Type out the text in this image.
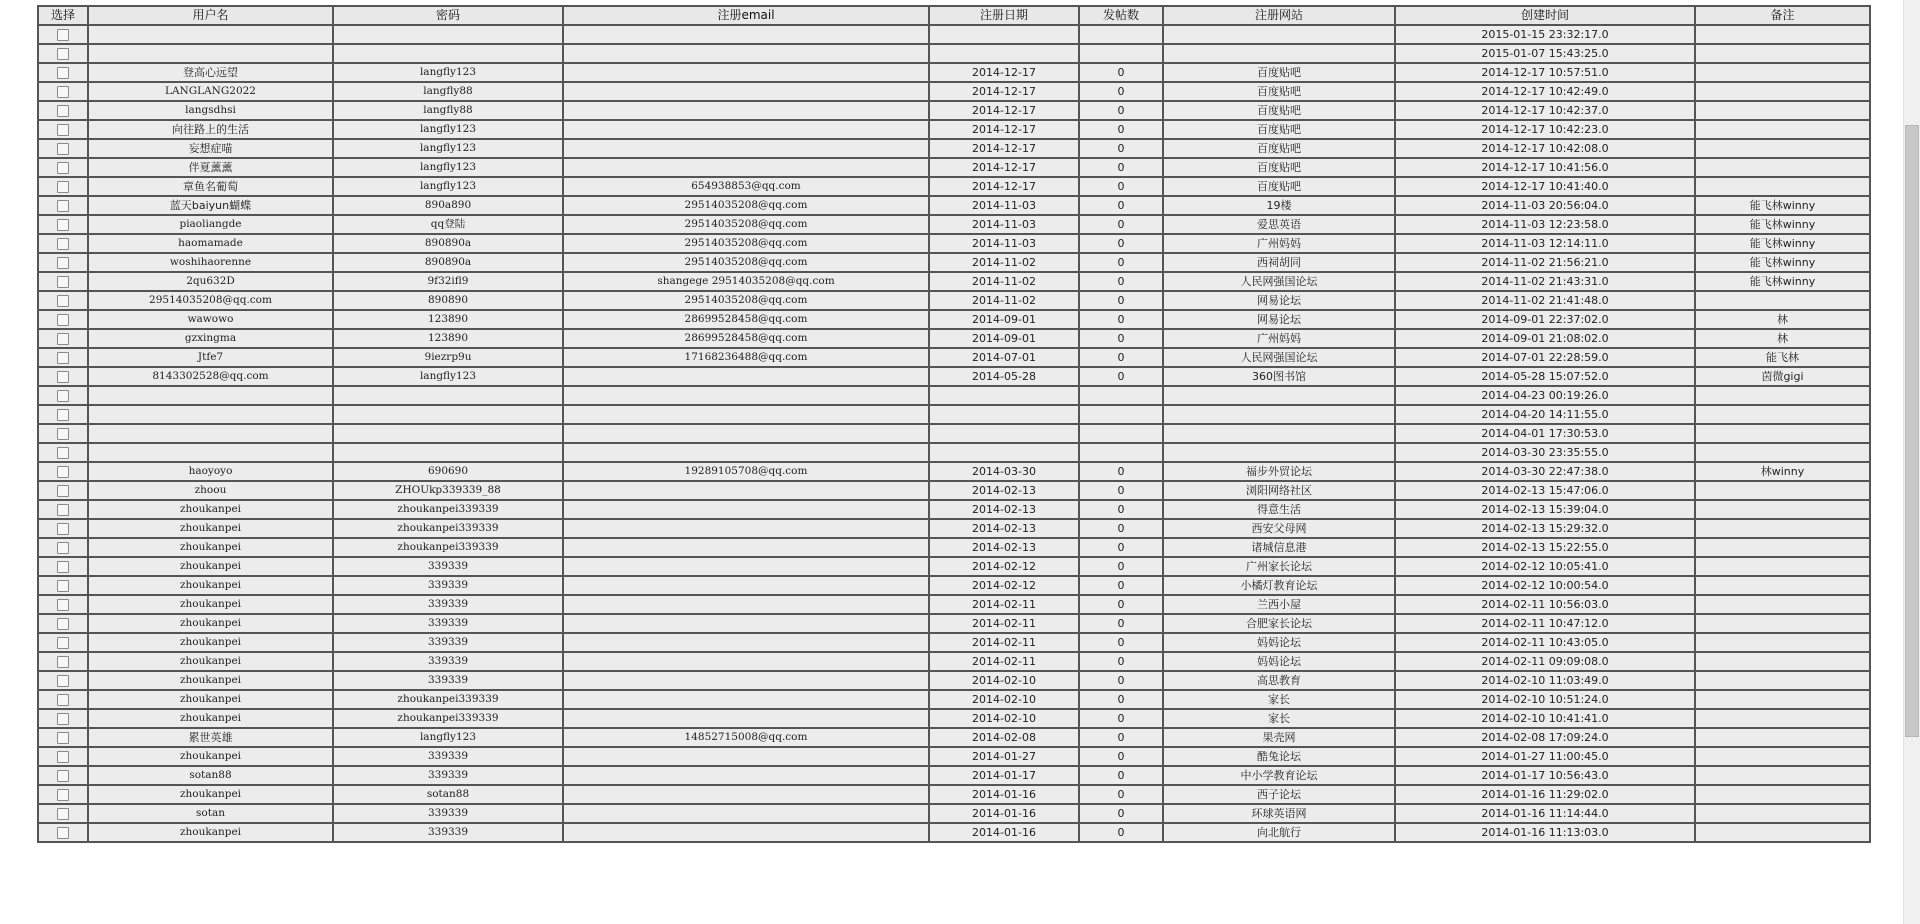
选择	用户名	密码	注册email	注册日期	发帖数	注册网站	创建时间	备注
							2015-01-15 23:32:17.0	
							2015-01-07 15:43:25.0	
	登高心远望	langfly123		2014-12-17	0	百度贴吧	2014-12-17 10:57:51.0	
	LANGLANG2022	langfly88		2014-12-17	0	百度贴吧	2014-12-17 10:42:49.0	
	langsdhsi	langfly88		2014-12-17	0	百度贴吧	2014-12-17 10:42:37.0	
	向往路上的生活	langfly123		2014-12-17	0	百度贴吧	2014-12-17 10:42:23.0	
	妄想症喵	langfly123		2014-12-17	0	百度贴吧	2014-12-17 10:42:08.0	
	伴夏薰薰	langfly123		2014-12-17	0	百度贴吧	2014-12-17 10:41:56.0	
	章鱼名葡萄	langfly123	654938853@qq.com	2014-12-17	0	百度贴吧	2014-12-17 10:41:40.0	
	蓝天baiyun蝴蝶	890a890	29514035208@qq.com	2014-11-03	0	19楼	2014-11-03 20:56:04.0	能飞林winny
	piaoliangde	qq登陆	29514035208@qq.com	2014-11-03	0	爱思英语	2014-11-03 12:23:58.0	能飞林winny
	haomamade	890890a	29514035208@qq.com	2014-11-03	0	广州妈妈	2014-11-03 12:14:11.0	能飞林winny
	woshihaorenne	890890a	29514035208@qq.com	2014-11-02	0	西祠胡同	2014-11-02 21:56:21.0	能飞林winny
	2qu632D	9f32ifl9	shangege 29514035208@qq.com	2014-11-02	0	人民网强国论坛	2014-11-02 21:43:31.0	能飞林winny
	29514035208@qq.com	890890	29514035208@qq.com	2014-11-02	0	网易论坛	2014-11-02 21:41:48.0	
	wawowo	123890	28699528458@qq.com	2014-09-01	0	网易论坛	2014-09-01 22:37:02.0	林
	gzxingma	123890	28699528458@qq.com	2014-09-01	0	广州妈妈	2014-09-01 21:08:02.0	林
	Jtfe7	9iezrp9u	17168236488@qq.com	2014-07-01	0	人民网强国论坛	2014-07-01 22:28:59.0	能飞林
	8143302528@qq.com	langfly123		2014-05-28	0	360图书馆	2014-05-28 15:07:52.0	茵微gigi
							2014-04-23 00:19:26.0	
							2014-04-20 14:11:55.0	
							2014-04-01 17:30:53.0	
							2014-03-30 23:35:55.0	
	haoyoyo	690690	19289105708@qq.com	2014-03-30	0	福步外贸论坛	2014-03-30 22:47:38.0	林winny
	zhoou	ZHOUkp339339_88		2014-02-13	0	浏阳网络社区	2014-02-13 15:47:06.0	
	zhoukanpei	zhoukanpei339339		2014-02-13	0	得意生活	2014-02-13 15:39:04.0	
	zhoukanpei	zhoukanpei339339		2014-02-13	0	西安父母网	2014-02-13 15:29:32.0	
	zhoukanpei	zhoukanpei339339		2014-02-13	0	诸城信息港	2014-02-13 15:22:55.0	
	zhoukanpei	339339		2014-02-12	0	广州家长论坛	2014-02-12 10:05:41.0	
	zhoukanpei	339339		2014-02-12	0	小橘灯教育论坛	2014-02-12 10:00:54.0	
	zhoukanpei	339339		2014-02-11	0	兰西小屋	2014-02-11 10:56:03.0	
	zhoukanpei	339339		2014-02-11	0	合肥家长论坛	2014-02-11 10:47:12.0	
	zhoukanpei	339339		2014-02-11	0	妈妈论坛	2014-02-11 10:43:05.0	
	zhoukanpei	339339		2014-02-11	0	妈妈论坛	2014-02-11 09:09:08.0	
	zhoukanpei	339339		2014-02-10	0	高思教育	2014-02-10 11:03:49.0	
	zhoukanpei	zhoukanpei339339		2014-02-10	0	家长	2014-02-10 10:51:24.0	
	zhoukanpei	zhoukanpei339339		2014-02-10	0	家长	2014-02-10 10:41:41.0	
	累世英雄	langfly123	14852715008@qq.com	2014-02-08	0	果壳网	2014-02-08 17:09:24.0	
	zhoukanpei	339339		2014-01-27	0	酷兔论坛	2014-01-27 11:00:45.0	
	sotan88	339339		2014-01-17	0	中小学教育论坛	2014-01-17 10:56:43.0	
	zhoukanpei	sotan88		2014-01-16	0	西子论坛	2014-01-16 11:29:02.0	
	sotan	339339		2014-01-16	0	环球英语网	2014-01-16 11:14:44.0	
	zhoukanpei	339339		2014-01-16	0	向北航行	2014-01-16 11:13:03.0	
